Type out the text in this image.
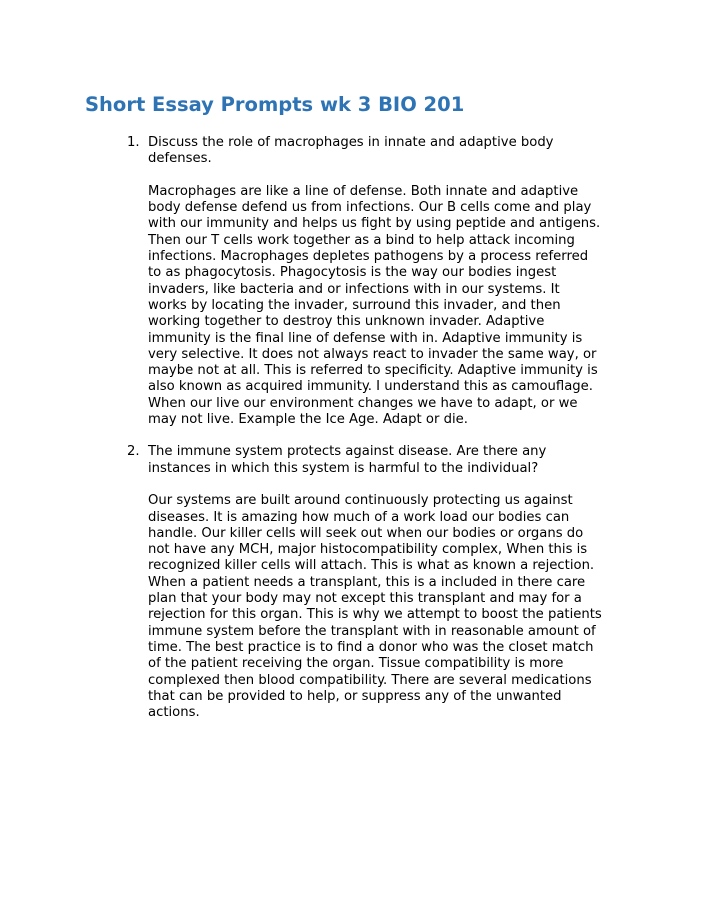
Short Essay Prompts wk 3 BIO 201
1. Discuss the role of macrophages in innate and adaptive body
defenses.

Macrophages are like a line of defense. Both innate and adaptive
body defense defend us from infections. Our B cells come and play
with our immunity and helps us fight by using peptide and antigens.
Then our T cells work together as a bind to help attack incoming
infections. Macrophages depletes pathogens by a process referred
to as phagocytosis. Phagocytosis is the way our bodies ingest
invaders, like bacteria and or infections with in our systems. It
works by locating the invader, surround this invader, and then
working together to destroy this unknown invader. Adaptive
immunity is the final line of defense with in. Adaptive immunity is
very selective. It does not always react to invader the same way, or
maybe not at all. This is referred to specificity. Adaptive immunity is
also known as acquired immunity. I understand this as camouflage.
When our live our environment changes we have to adapt, or we
may not live. Example the Ice Age. Adapt or die.

2. The immune system protects against disease. Are there any
instances in which this system is harmful to the individual?

Our systems are built around continuously protecting us against
diseases. It is amazing how much of a work load our bodies can
handle. Our killer cells will seek out when our bodies or organs do
not have any MCH, major histocompatibility complex, When this is
recognized killer cells will attach. This is what as known a rejection.
When a patient needs a transplant, this is a included in there care
plan that your body may not except this transplant and may for a
rejection for this organ. This is why we attempt to boost the patients
immune system before the transplant with in reasonable amount of
time. The best practice is to find a donor who was the closet match
of the patient receiving the organ. Tissue compatibility is more
complexed then blood compatibility. There are several medications
that can be provided to help, or suppress any of the unwanted
actions.
